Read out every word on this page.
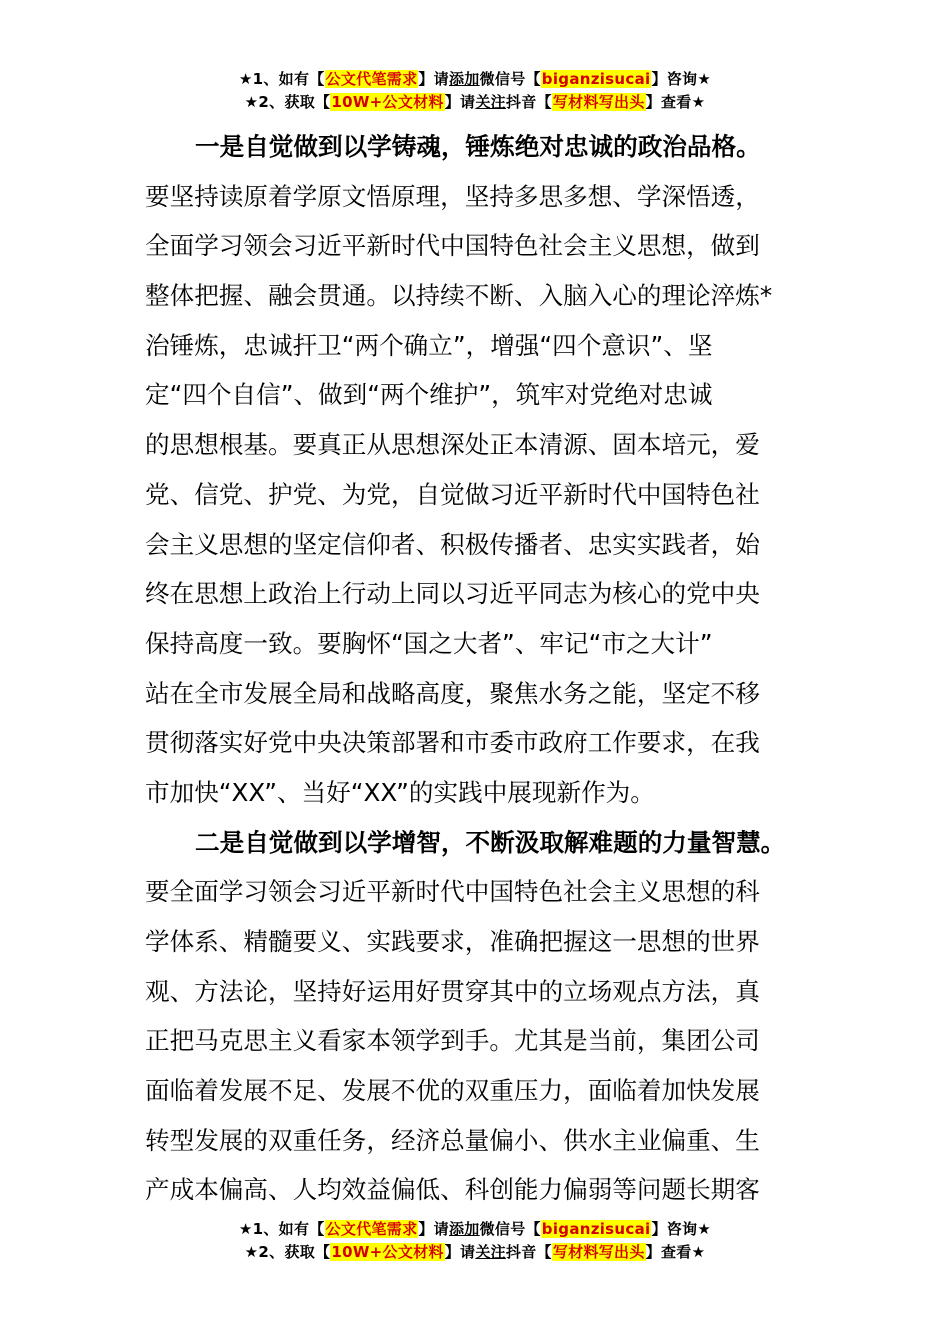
★1、如有【公文代笔需求】请添加微信号【biganzisucai】咨询★
★2、获取【10W+公文材料】请关注抖音【写材料写出头】查看★
一是自觉做到以学铸魂，锤炼绝对忠诚的政治品格。
要坚持读原着学原文悟原理，坚持多思多想、学深悟透，
全面学习领会习近平新时代中国特色社会主义思想，做到
整体把握、融会贯通。以持续不断、入脑入心的理论淬炼*
治锤炼，忠诚扞卫“两个确立”，增强“四个意识”、坚
定“四个自信”、做到“两个维护”，筑牢对党绝对忠诚
的思想根基。要真正从思想深处正本清源、固本培元，爱
党、信党、护党、为党，自觉做习近平新时代中国特色社
会主义思想的坚定信仰者、积极传播者、忠实实践者，始
终在思想上政治上行动上同以习近平同志为核心的党中央
保持高度一致。要胸怀“国之大者”、牢记“市之大计”
站在全市发展全局和战略高度，聚焦水务之能，坚定不移
贯彻落实好党中央决策部署和市委市政府工作要求，在我
市加快“XX”、当好“XX”的实践中展现新作为。
二是自觉做到以学增智，不断汲取解难题的力量智慧。
要全面学习领会习近平新时代中国特色社会主义思想的科
学体系、精髓要义、实践要求，准确把握这一思想的世界
观、方法论，坚持好运用好贯穿其中的立场观点方法，真
正把马克思主义看家本领学到手。尤其是当前，集团公司
面临着发展不足、发展不优的双重压力，面临着加快发展
转型发展的双重任务，经济总量偏小、供水主业偏重、生
产成本偏高、人均效益偏低、科创能力偏弱等问题长期客
★1、如有【公文代笔需求】请添加微信号【biganzisucai】咨询★
★2、获取【10W+公文材料】请关注抖音【写材料写出头】查看★
